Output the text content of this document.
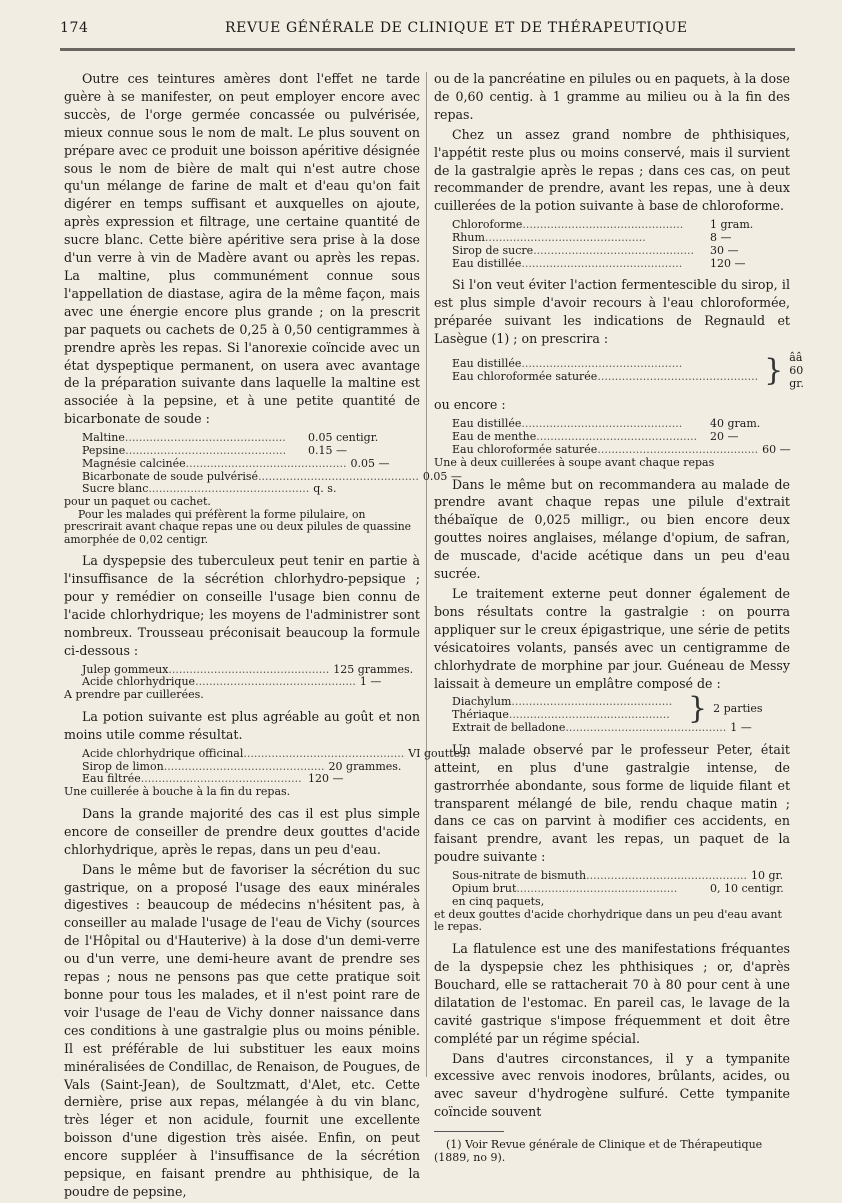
174	REVUE GÉNÉRALE DE CLINIQUE ET DE THÉRAPEUTIQUE

Outre ces teintures amères dont l'effet ne tarde guère à se manifester, on peut employer encore avec succès, de l'orge germée concassée ou pulvérisée, mieux connue sous le nom de malt. Le plus souvent on prépare avec ce produit une boisson apéritive désignée sous le nom de bière de malt qui n'est autre chose qu'un mélange de farine de malt et d'eau qu'on fait digérer en temps suffisant et auxquelles on ajoute, après expression et filtrage, une certaine quantité de sucre blanc. Cette bière apéritive sera prise à la dose d'un verre à vin de Madère avant ou après les repas. La maltine, plus communément connue sous l'appellation de diastase, agira de la même façon, mais avec une énergie encore plus grande ; on la prescrit par paquets ou cachets de 0,25 à 0,50 centigrammes à prendre après les repas. Si l'anorexie coïncide avec un état dyspeptique permanent, on usera avec avantage de la préparation suivante dans laquelle la maltine est associée à la pepsine, et à une petite quantité de bicarbonate de soude :

Maltine ..............................................	0.05 centigr.
Pepsine ..............................................	0.15 —
Magnésie calcinée .............................................. 0.05 —
Bicarbonate de soude pulvérisé .............................................. 0.05 —
Sucre blanc .............................................. q. s.
pour un paquet ou cachet.
Pour les malades qui préfèrent la forme pilulaire, on prescrirait avant chaque repas une ou deux pilules de quassine amorphée de 0,02 centigr.

La dyspepsie des tuberculeux peut tenir en partie à l'insuffisance de la sécrétion chlorhydro-pepsique ; pour y remédier on conseille l'usage bien connu de l'acide chlorhydrique; les moyens de l'administrer sont nombreux. Trousseau préconisait beaucoup la formule ci-dessous :

Julep gommeux .............................................. 125 grammes.
Acide chlorhydrique .............................................. 1 —
A prendre par cuillerées.

La potion suivante est plus agréable au goût et non moins utile comme résultat.

Acide chlorhydrique officinal .............................................. VI gouttes.
Sirop de limon .............................................. 20 grammes.
Eau filtrée .............................................. 120 —
Une cuillerée à bouche à la fin du repas.

Dans la grande majorité des cas il est plus simple encore de conseiller de prendre deux gouttes d'acide chlorhydrique, après le repas, dans un peu d'eau.

Dans le même but de favoriser la sécrétion du suc gastrique, on a proposé l'usage des eaux minérales digestives : beaucoup de médecins n'hésitent pas, à conseiller au malade l'usage de l'eau de Vichy (sources de l'Hôpital ou d'Hauterive) à la dose d'un demi-verre ou d'un verre, une demi-heure avant de prendre ses repas ; nous ne pensons pas que cette pratique soit bonne pour tous les malades, et il n'est point rare de voir l'usage de l'eau de Vichy donner naissance dans ces conditions à une gastralgie plus ou moins pénible. Il est préférable de lui substituer les eaux moins minéralisées de Condillac, de Renaison, de Pougues, de Vals (Saint-Jean), de Soultzmatt, d'Alet, etc. Cette dernière, prise aux repas, mélangée à du vin blanc, très léger et non acidule, fournit une excellente boisson d'une digestion très aisée. Enfin, on peut encore suppléer à l'insuffisance de la sécrétion pepsique, en faisant prendre au phthisique, de la poudre de pepsine,

ou de la pancréatine en pilules ou en paquets, à la dose de 0,60 centig. à 1 gramme au milieu ou à la fin des repas.

Chez un assez grand nombre de phthisiques, l'appétit reste plus ou moins conservé, mais il survient de la gastralgie après le repas ; dans ces cas, on peut recommander de prendre, avant les repas, une à deux cuillerées de la potion suivante à base de chloroforme.

Chloroforme ..............................................	1 gram.
Rhum ..............................................	8 —
Sirop de sucre ..............................................	30 —
Eau distillée ..............................................	120 —

Si l'on veut éviter l'action fermentescible du sirop, il est plus simple d'avoir recours à l'eau chloroformée, préparée suivant les indications de Regnauld et Lasègue (1) ; on prescrira :

Eau distillée ..............................................
Eau chloroformée saturée .............................................. } ââ 60 gr.

ou encore :

Eau distillée ..............................................	40 gram.
Eau de menthe ..............................................	20 —
Eau chloroformée saturée .............................................. 60 —
Une à deux cuillerées à soupe avant chaque repas

Dans le même but on recommandera au malade de prendre avant chaque repas une pilule d'extrait thébaïque de 0,025 milligr., ou bien encore deux gouttes noires anglaises, mélange d'opium, de safran, de muscade, d'acide acétique dans un peu d'eau sucrée.

Le traitement externe peut donner également de bons résultats contre la gastralgie : on pourra appliquer sur le creux épigastrique, une série de petits vésicatoires volants, pansés avec un centigramme de chlorhydrate de morphine par jour. Guéneau de Messy laissait à demeure un emplâtre composé de :

Diachylum ..............................................
Thériaque .............................................. } 2 parties
Extrait de belladone .............................................. 1 —

Un malade observé par le professeur Peter, était atteint, en plus d'une gastralgie intense, de gastrorrhée abondante, sous forme de liquide filant et transparent mélangé de bile, rendu chaque matin ; dans ce cas on parvint à modifier ces accidents, en faisant prendre, avant les repas, un paquet de la poudre suivante :

Sous-nitrate de bismuth .............................................. 10 gr.
Opium brut ..............................................	0, 10 centigr.
en cinq paquets,
et deux gouttes d'acide chorhydrique dans un peu d'eau avant le repas.

La flatulence est une des manifestations fréquantes de la dyspepsie chez les phthisiques ; or, d'après Bouchard, elle se rattacherait 70 à 80 pour cent à une dilatation de l'estomac. En pareil cas, le lavage de la cavité gastrique s'impose fréquemment et doit être complété par un régime spécial.

Dans d'autres circonstances, il y a tympanite excessive avec renvois inodores, brûlants, acides, ou avec saveur d'hydrogène sulfuré. Cette tympanite coïncide souvent

(1) Voir Revue générale de Clinique et de Thérapeutique (1889, no 9).
